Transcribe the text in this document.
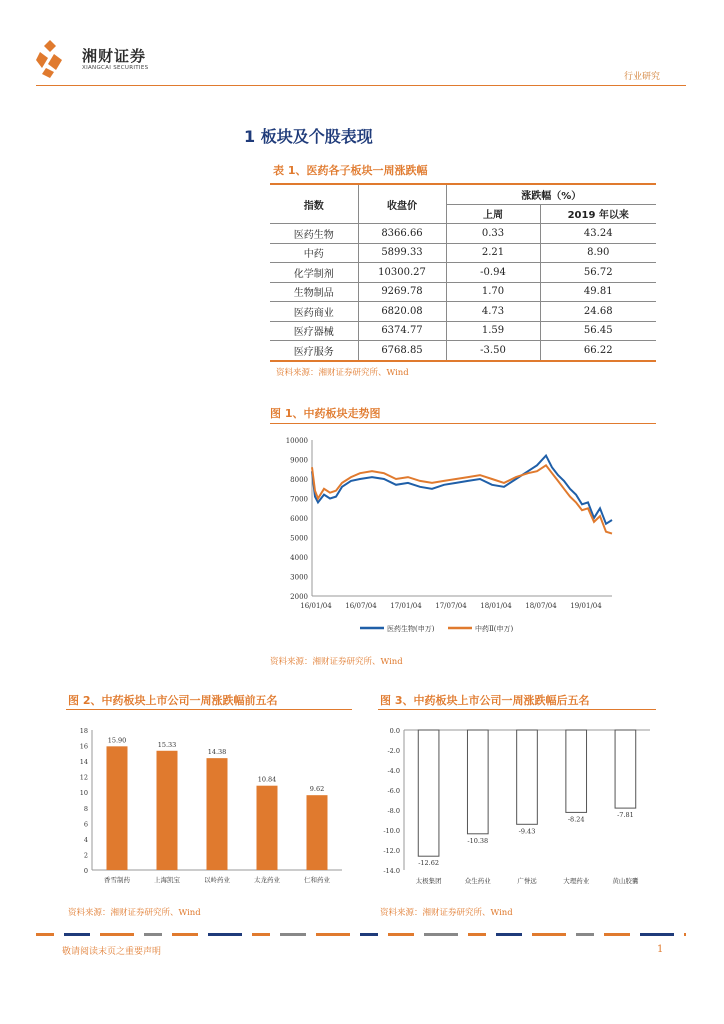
湘财证券
XIANGCAI SECURITIES
行业研究
1 板块及个股表现
表 1、医药各子板块一周涨跌幅
指数	收盘价	涨跌幅（%）	
		上周	2019 年以来
医药生物	8366.66	0.33	43.24
中药	5899.33	2.21	8.90
化学制剂	10300.27	-0.94	56.72
生物制品	9269.78	1.70	49.81
医药商业	6820.08	4.73	24.68
医疗器械	6374.77	1.59	56.45
医疗服务	6768.85	-3.50	66.22
资料来源：湘财证券研究所、Wind
图 1、中药板块走势图
2000
3000
4000
5000
6000
7000
8000
9000
10000
16/01/04 16/07/04 17/01/04 17/07/04 18/01/04 18/07/04 19/01/04
医药生物(申万)	中药Ⅱ(申万)
资料来源：湘财证券研究所、Wind
图 2、中药板块上市公司一周涨跌幅前五名
0
2
4
6
8
10
12
14
16
18
15.90
香雪制药
15.33
上海凯宝
14.38
以岭药业
10.84
太龙药业
9.62
仁和药业
资料来源：湘财证券研究所、Wind
图 3、中药板块上市公司一周涨跌幅后五名
0.0
-2.0
-4.0
-6.0
-8.0
-10.0
-12.0
-14.0
-12.62
太极集团
-10.38
众生药业
-9.43
广誉远
-8.24
大理药业
-7.81
黄山胶囊
资料来源：湘财证券研究所、Wind
敬请阅读末页之重要声明	1
